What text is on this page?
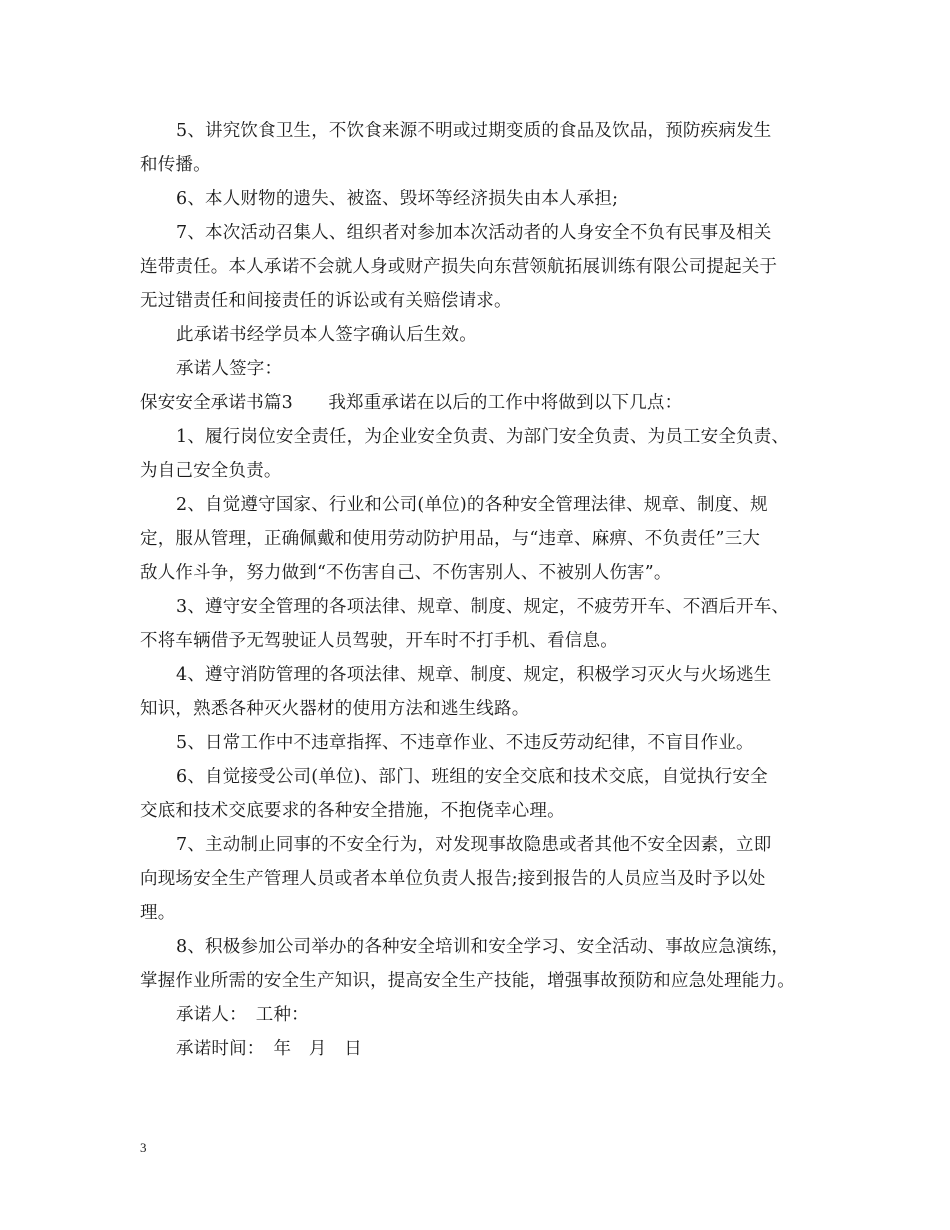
5、讲究饮食卫生，不饮食来源不明或过期变质的食品及饮品，预防疾病发生
和传播。
6、本人财物的遗失、被盗、毁坏等经济损失由本人承担;
7、本次活动召集人、组织者对参加本次活动者的人身安全不负有民事及相关
连带责任。本人承诺不会就人身或财产损失向东营领航拓展训练有限公司提起关于
无过错责任和间接责任的诉讼或有关赔偿请求。
此承诺书经学员本人签字确认后生效。
承诺人签字：
保安安全承诺书篇3　　我郑重承诺在以后的工作中将做到以下几点：
1、履行岗位安全责任，为企业安全负责、为部门安全负责、为员工安全负责、
为自己安全负责。
2、自觉遵守国家、行业和公司(单位)的各种安全管理法律、规章、制度、规
定，服从管理，正确佩戴和使用劳动防护用品，与“违章、麻痹、不负责任”三大
敌人作斗争，努力做到“不伤害自己、不伤害别人、不被别人伤害”。
3、遵守安全管理的各项法律、规章、制度、规定，不疲劳开车、不酒后开车、
不将车辆借予无驾驶证人员驾驶，开车时不打手机、看信息。
4、遵守消防管理的各项法律、规章、制度、规定，积极学习灭火与火场逃生
知识，熟悉各种灭火器材的使用方法和逃生线路。
5、日常工作中不违章指挥、不违章作业、不违反劳动纪律，不盲目作业。
6、自觉接受公司(单位)、部门、班组的安全交底和技术交底，自觉执行安全
交底和技术交底要求的各种安全措施，不抱侥幸心理。
7、主动制止同事的不安全行为，对发现事故隐患或者其他不安全因素，立即
向现场安全生产管理人员或者本单位负责人报告;接到报告的人员应当及时予以处
理。
8、积极参加公司举办的各种安全培训和安全学习、安全活动、事故应急演练，
掌握作业所需的安全生产知识，提高安全生产技能，增强事故预防和应急处理能力。
承诺人：　工种：
承诺时间：　年　月　日
3
